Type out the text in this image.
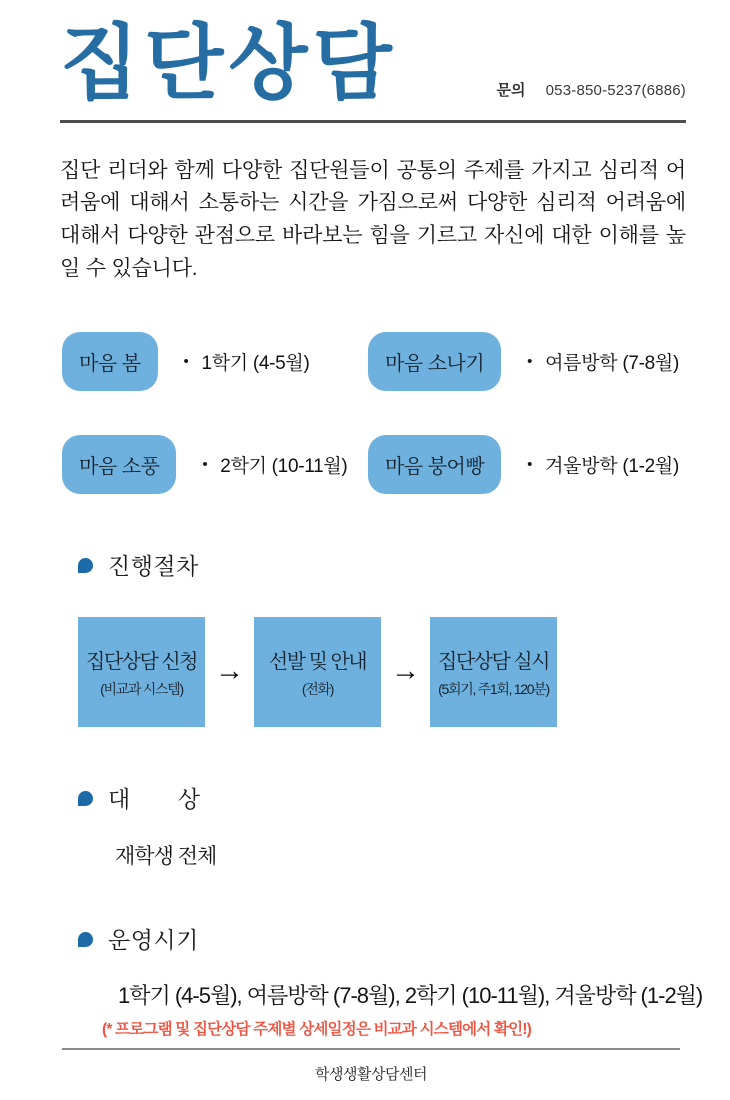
집단상담	문의 053-850-5237(6886)

집단 리더와 함께 다양한 집단원들이 공통의 주제를 가지고 심리적 어려움에 대해서 소통하는 시간을 가짐으로써 다양한 심리적 어려움에 대해서 다양한 관점으로 바라보는 힘을 기르고 자신에 대한 이해를 높일 수 있습니다.

마음 봄	• 1학기 (4-5월)	마음 소나기	• 여름방학 (7-8월)
마음 소풍	• 2학기 (10-11월)	마음 붕어빵	• 겨울방학 (1-2월)
진행절차
집단상담 신청
(비교과 시스템)
→ 선발 및 안내
(전화)
→ 집단상담 실시
(5회기, 주1회, 120분)
대　　상
재학생 전체
운영시기
1학기 (4-5월), 여름방학 (7-8월), 2학기 (10-11월), 겨울방학 (1-2월)
(* 프로그램 및 집단상담 주제별 상세일정은 비교과 시스템에서 확인!)
학생생활상담센터
